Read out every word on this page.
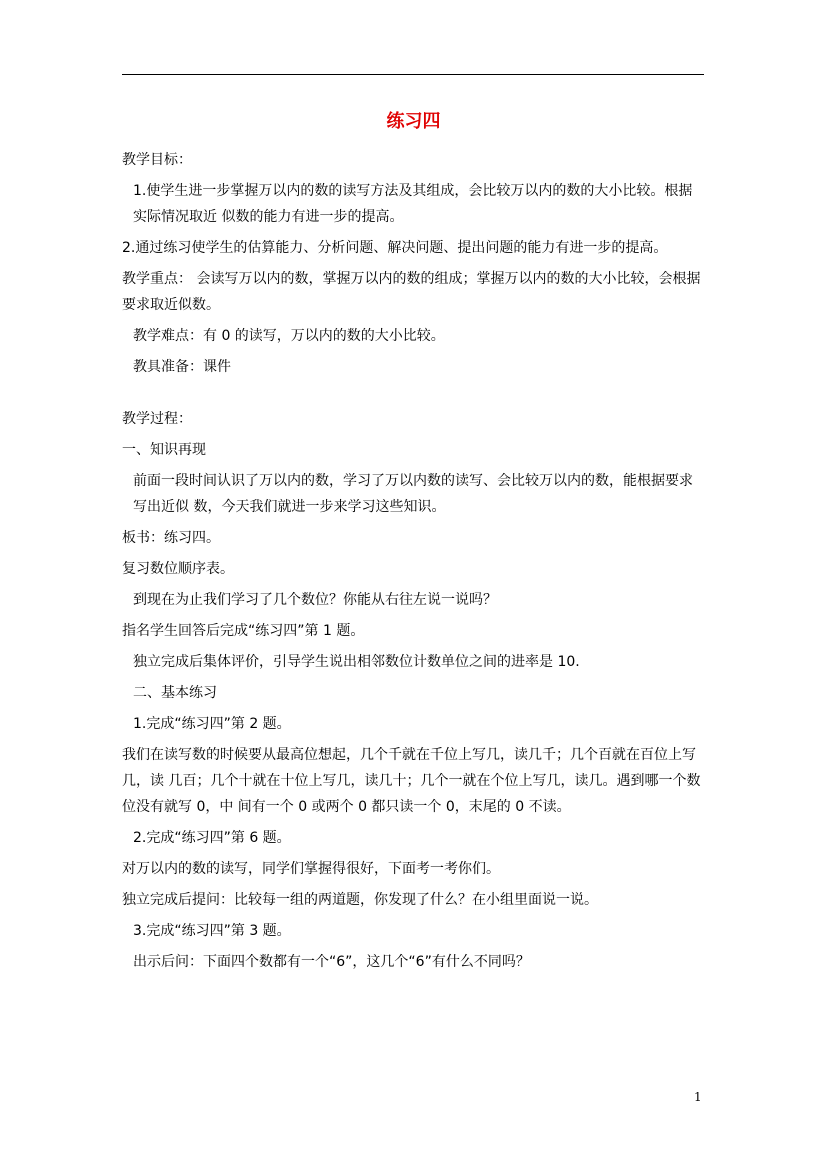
练习四

教学目标：

1.使学生进一步掌握万以内的数的读写方法及其组成，会比较万以内的数的大小比较。根据实际情况取近 似数的能力有进一步的提高。

2.通过练习使学生的估算能力、分析问题、解决问题、提出问题的能力有进一步的提高。

教学重点： 会读写万以内的数，掌握万以内的数的组成；掌握万以内的数的大小比较，会根据要求取近似数。

教学难点：有 0 的读写，万以内的数的大小比较。

教具准备：课件

教学过程：

一、知识再现

前面一段时间认识了万以内的数，学习了万以内数的读写、会比较万以内的数，能根据要求写出近似 数，今天我们就进一步来学习这些知识。

板书：练习四。

复习数位顺序表。

到现在为止我们学习了几个数位？你能从右往左说一说吗？

指名学生回答后完成“练习四”第 1 题。

独立完成后集体评价，引导学生说出相邻数位计数单位之间的进率是 10.

二、基本练习

1.完成“练习四”第 2 题。

我们在读写数的时候要从最高位想起，几个千就在千位上写几，读几千；几个百就在百位上写几，读 几百；几个十就在十位上写几，读几十；几个一就在个位上写几，读几。遇到哪一个数位没有就写 0，中 间有一个 0 或两个 0 都只读一个 0，末尾的 0 不读。

2.完成“练习四”第 6 题。

对万以内的数的读写，同学们掌握得很好，下面考一考你们。

独立完成后提问：比较每一组的两道题，你发现了什么？在小组里面说一说。

3.完成“练习四”第 3 题。

出示后问：下面四个数都有一个“6”，这几个“6”有什么不同吗？

1
